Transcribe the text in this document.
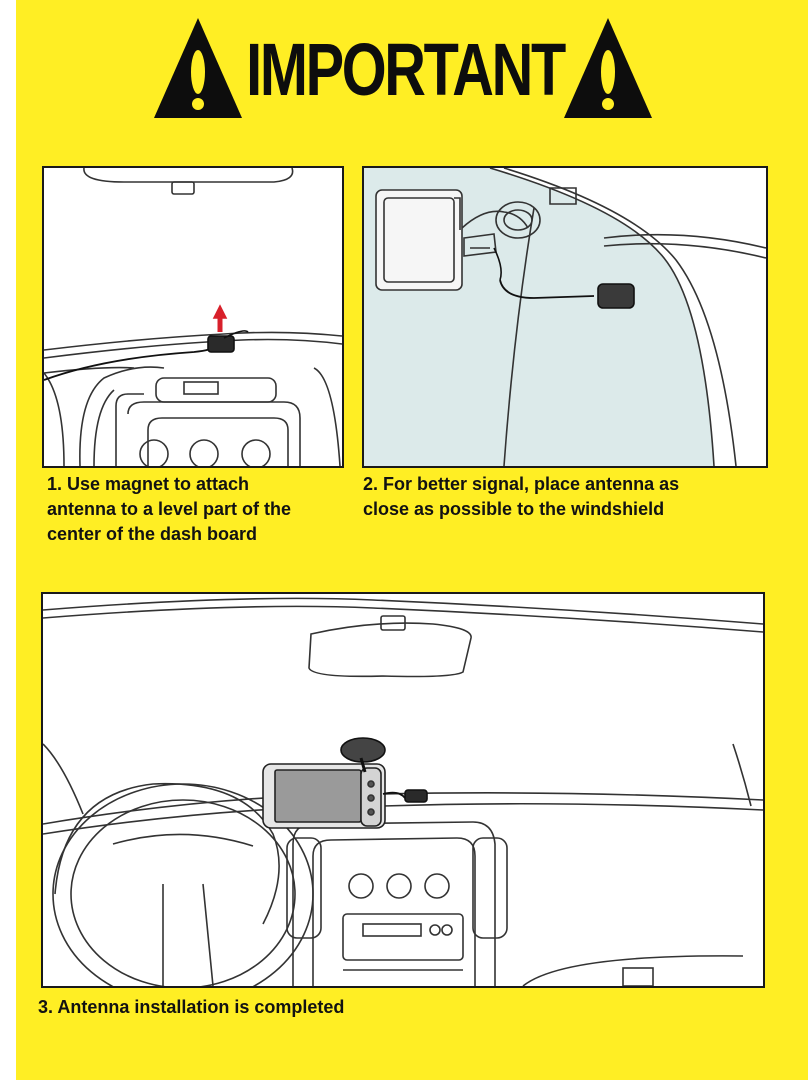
IMPORTANT
1. Use magnet to attach
antenna to a level part of the
center of the dash board
2. For better signal, place antenna as
close as possible to the windshield
3. Antenna installation is completed
